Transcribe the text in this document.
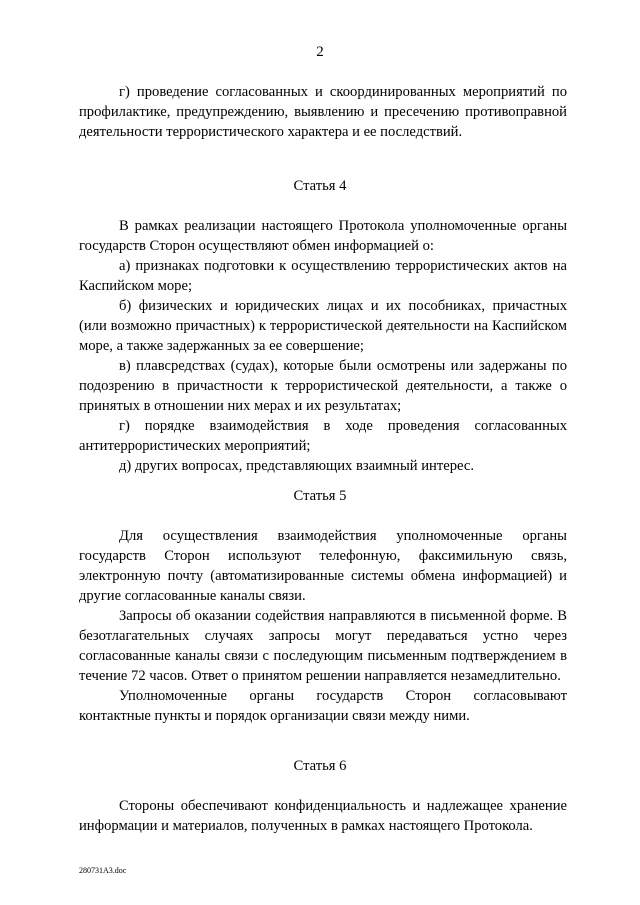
2

г) проведение согласованных и скоординированных мероприятий по профилактике, предупреждению, выявлению и пресечению противоправной деятельности террористического характера и ее последствий.

Статья 4

В рамках реализации настоящего Протокола уполномоченные органы государств Сторон осуществляют обмен информацией о:

а) признаках подготовки к осуществлению террористических актов на Каспийском море;

б) физических и юридических лицах и их пособниках, причастных (или возможно причастных) к террористической деятельности на Каспийском море, а также задержанных за ее совершение;

в) плавсредствах (судах), которые были осмотрены или задержаны по подозрению в причастности к террористической деятельности, а также о принятых в отношении них мерах и их результатах;

г) порядке взаимодействия в ходе проведения согласованных антитеррористических мероприятий;

д) других вопросах, представляющих взаимный интерес.

Статья 5

Для осуществления взаимодействия уполномоченные органы государств Сторон используют телефонную, факсимильную связь, электронную почту (автоматизированные системы обмена информацией) и другие согласованные каналы связи.

Запросы об оказании содействия направляются в письменной форме. В безотлагательных случаях запросы могут передаваться устно через согласованные каналы связи с последующим письменным подтверждением в течение 72 часов. Ответ о принятом решении направляется незамедлительно.

Уполномоченные органы государств Сторон согласовывают контактные пункты и порядок организации связи между ними.

Статья 6

Стороны обеспечивают конфиденциальность и надлежащее хранение информации и материалов, полученных в рамках настоящего Протокола.

280731A3.doc
